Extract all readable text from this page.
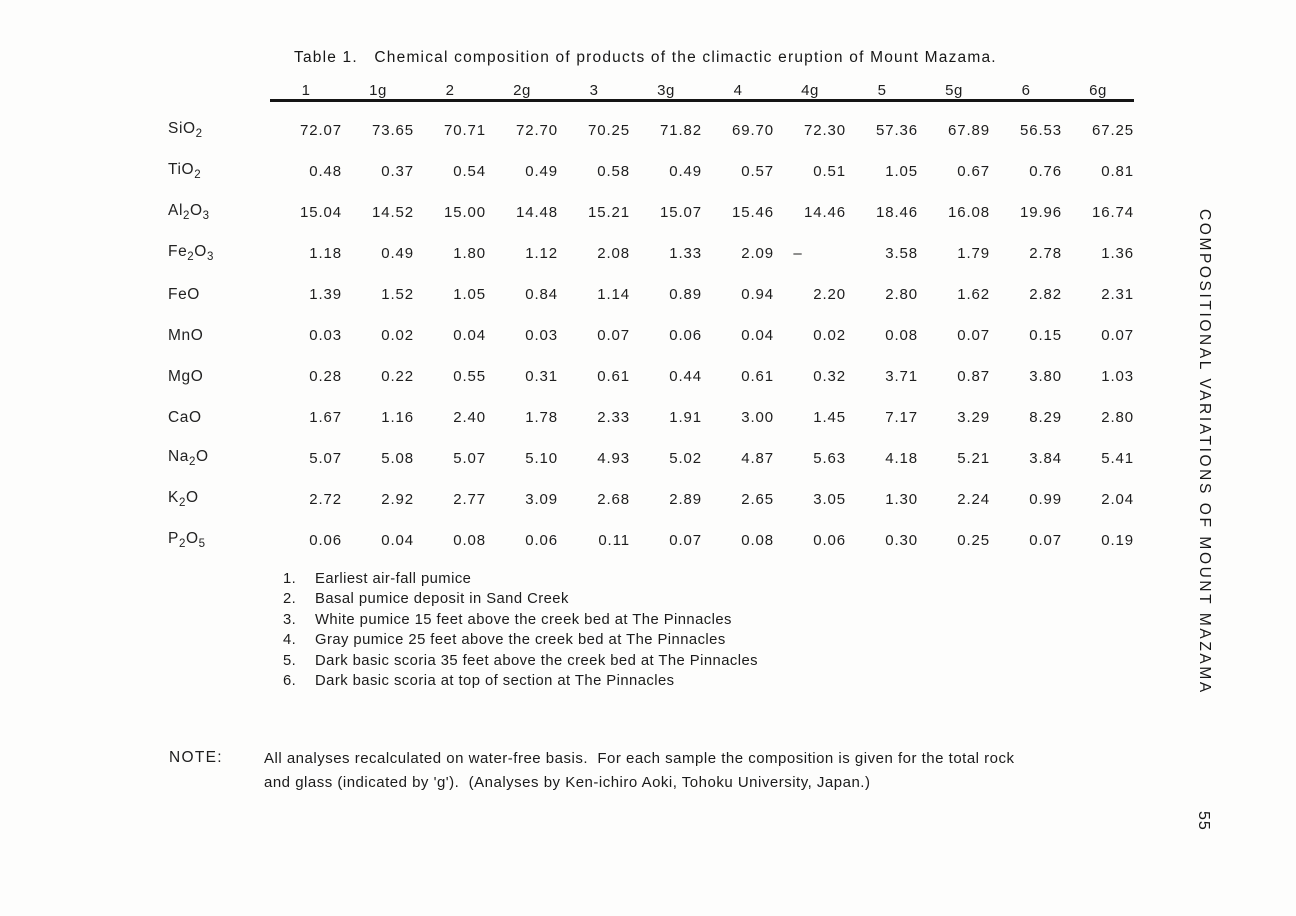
Table 1.   Chemical composition of products of the climactic eruption of Mount Mazama.
	1	1g	2	2g	3	3g	4	4g	5	5g	6	6g
SiO$_2$	72.07	73.65	70.71	72.70	70.25	71.82	69.70	72.30	57.36	67.89	56.53	67.25
TiO$_2$	0.48	0.37	0.54	0.49	0.58	0.49	0.57	0.51	1.05	0.67	0.76	0.81
$Al_2O_3$	15.04	14.52	15.00	14.48	15.21	15.07	15.46	14.46	18.46	16.08	19.96	16.74
$Fe_2O_3$	1.18	0.49	1.80	1.12	2.08	1.33	2.09	–	3.58	1.79	2.78	1.36
FeO	1.39	1.52	1.05	0.84	1.14	0.89	0.94	2.20	2.80	1.62	2.82	2.31
MnO	0.03	0.02	0.04	0.03	0.07	0.06	0.04	0.02	0.08	0.07	0.15	0.07
MgO	0.28	0.22	0.55	0.31	0.61	0.44	0.61	0.32	3.71	0.87	3.80	1.03
CaO	1.67	1.16	2.40	1.78	2.33	1.91	3.00	1.45	7.17	3.29	8.29	2.80
$Na_2O$	5.07	5.08	5.07	5.10	4.93	5.02	4.87	5.63	4.18	5.21	3.84	5.41
$K_2O$	2.72	2.92	2.77	3.09	2.68	2.89	2.65	3.05	1.30	2.24	0.99	2.04
$P_2O_5$	0.06	0.04	0.08	0.06	0.11	0.07	0.08	0.06	0.30	0.25	0.07	0.19
1.	Earliest air-fall pumice
2.	Basal pumice deposit in Sand Creek
3.	White pumice 15 feet above the creek bed at The Pinnacles
4.	Gray pumice 25 feet above the creek bed at The Pinnacles
5.	Dark basic scoria 35 feet above the creek bed at The Pinnacles
6.	Dark basic scoria at top of section at The Pinnacles
NOTE:	All analyses recalculated on water-free basis.  For each sample the composition is given for the total rock
and glass (indicated by 'g').  (Analyses by Ken-ichiro Aoki, Tohoku University, Japan.)
COMPOSITIONAL VARIATIONS OF MOUNT MAZAMA
55
